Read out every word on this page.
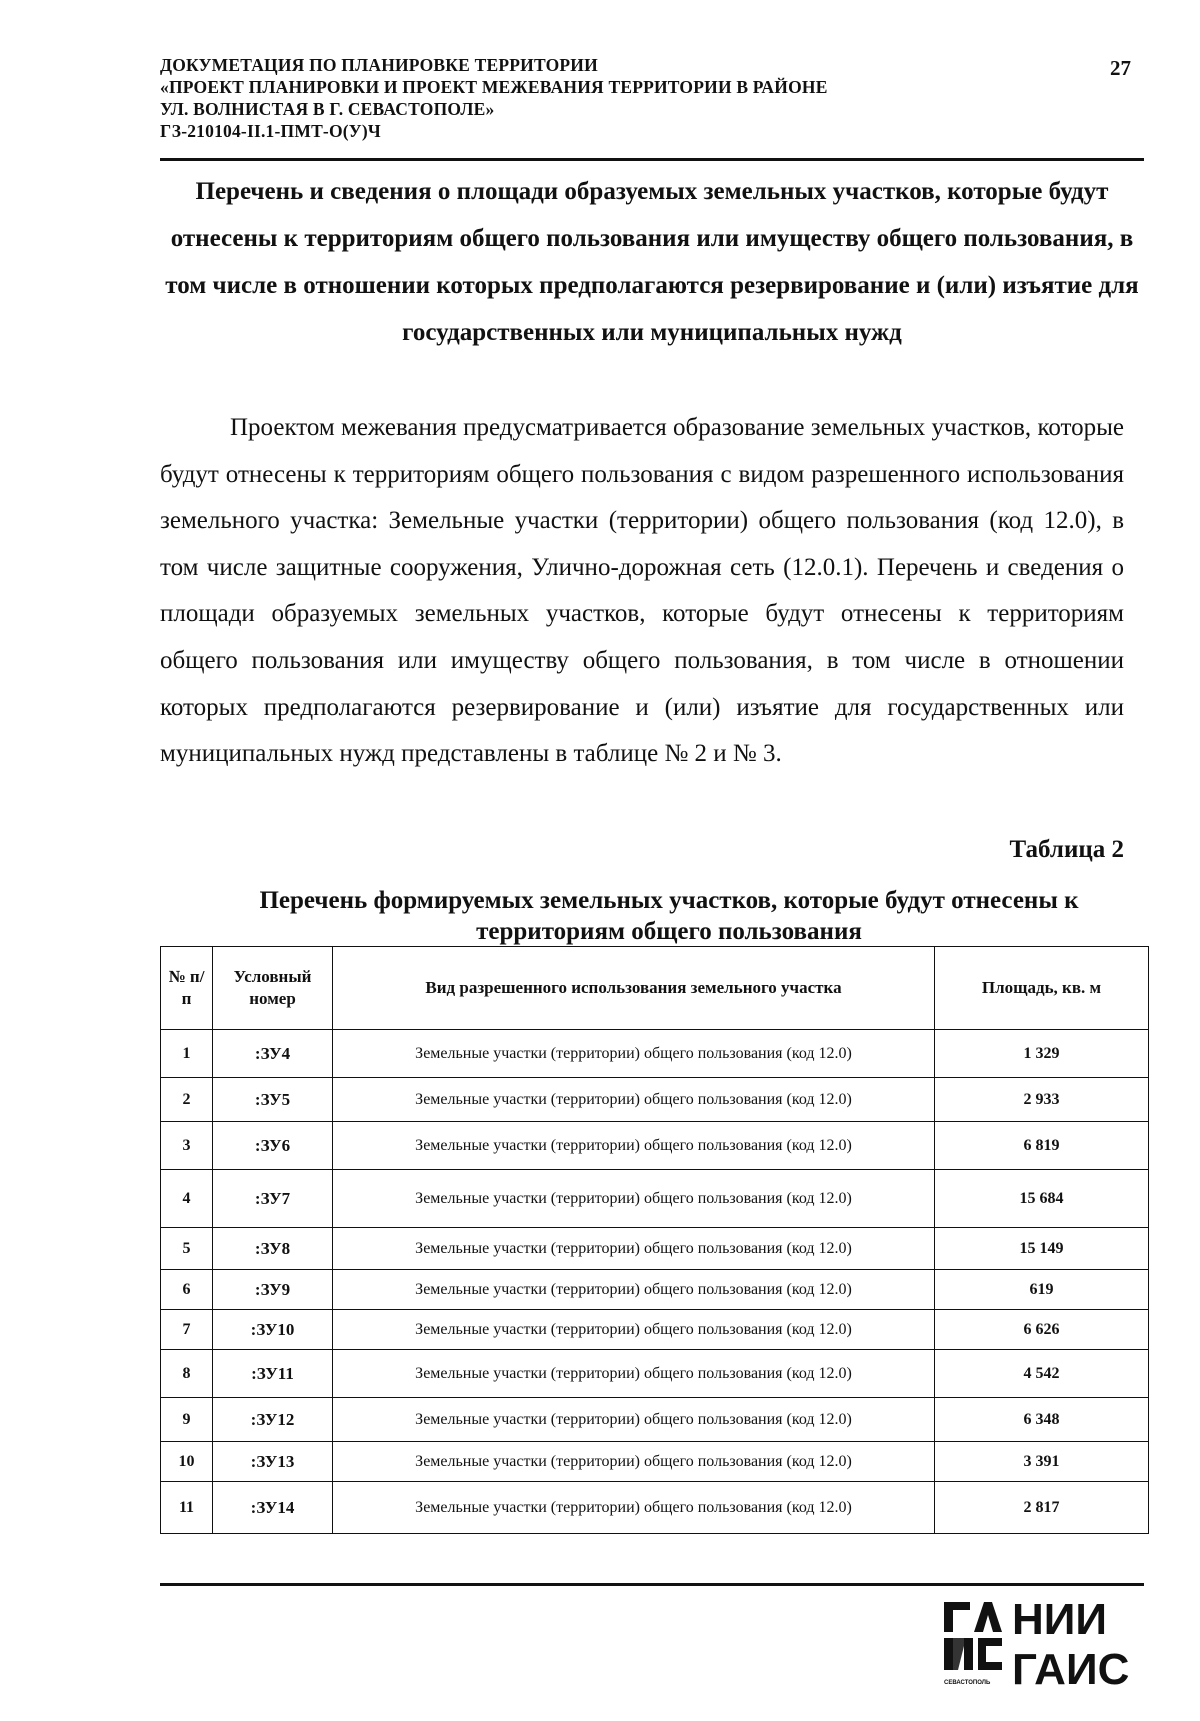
ДОКУМЕТАЦИЯ ПО ПЛАНИРОВКЕ ТЕРРИТОРИИ
«ПРОЕКТ ПЛАНИРОВКИ И ПРОЕКТ МЕЖЕВАНИЯ ТЕРРИТОРИИ В РАЙОНЕ
УЛ. ВОЛНИСТАЯ В Г. СЕВАСТОПОЛЕ»
ГЗ-210104-II.1-ПМТ-О(У)Ч
27
Перечень и сведения о площади образуемых земельных участков, которые будут отнесены к территориям общего пользования или имуществу общего пользования, в том числе в отношении которых предполагаются резервирование и (или) изъятие для государственных или муниципальных нужд
Проектом межевания предусматривается образование земельных участков, которые будут отнесены к территориям общего пользования с видом разрешенного использования земельного участка: Земельные участки (территории) общего пользования (код 12.0), в том числе защитные сооружения, Улично-дорожная сеть (12.0.1). Перечень и сведения о площади образуемых земельных участков, которые будут отнесены к территориям общего пользования или имуществу общего пользования, в том числе в отношении которых предполагаются резервирование и (или) изъятие для государственных или муниципальных нужд представлены в таблице № 2 и № 3.
Таблица 2
Перечень формируемых земельных участков, которые будут отнесены к территориям общего пользования
№ п/п	Условный номер	Вид разрешенного использования земельного участка	Площадь, кв. м
1	:ЗУ4	Земельные участки (территории) общего пользования (код 12.0)	1 329
2	:ЗУ5	Земельные участки (территории) общего пользования (код 12.0)	2 933
3	:ЗУ6	Земельные участки (территории) общего пользования (код 12.0)	6 819
4	:ЗУ7	Земельные участки (территории) общего пользования (код 12.0)	15 684
5	:ЗУ8	Земельные участки (территории) общего пользования (код 12.0)	15 149
6	:ЗУ9	Земельные участки (территории) общего пользования (код 12.0)	619
7	:ЗУ10	Земельные участки (территории) общего пользования (код 12.0)	6 626
8	:ЗУ11	Земельные участки (территории) общего пользования (код 12.0)	4 542
9	:ЗУ12	Земельные участки (территории) общего пользования (код 12.0)	6 348
10	:ЗУ13	Земельные участки (территории) общего пользования (код 12.0)	3 391
11	:ЗУ14	Земельные участки (территории) общего пользования (код 12.0)	2 817
СЕВАСТОПОЛЬ
НИИ
ГАИС
